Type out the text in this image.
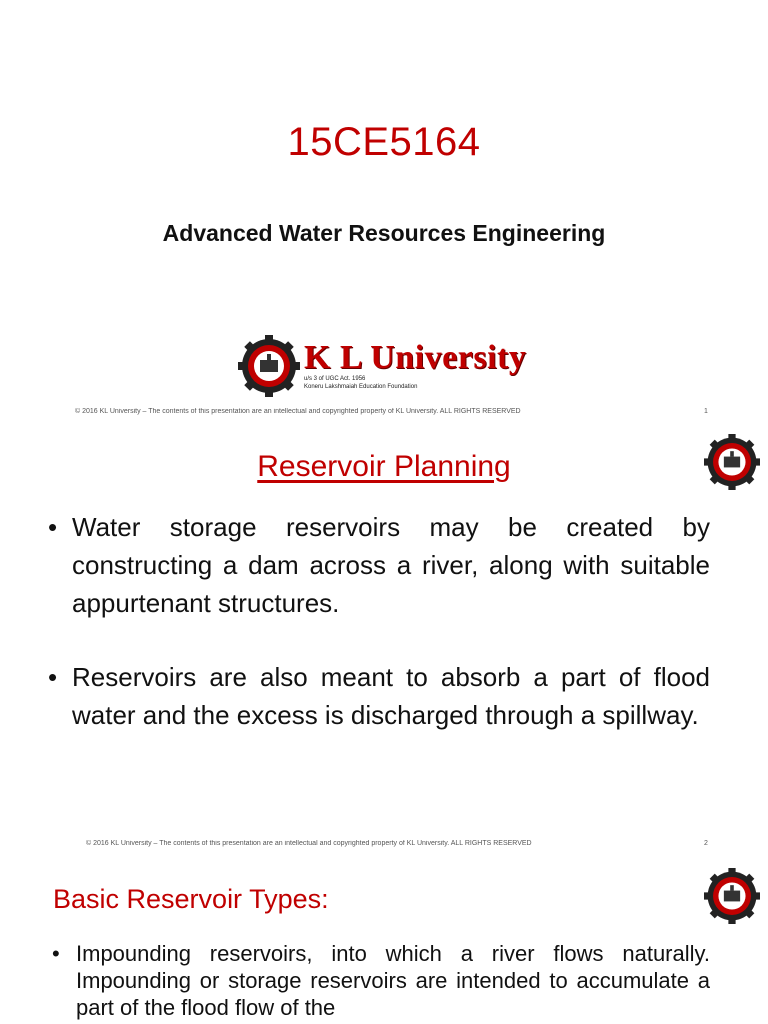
15CE5164
Advanced Water Resources Engineering
K L University
u/s 3 of UGC Act. 1956
Koneru Lakshmaiah Education Foundation
© 2016 KL University – The contents of this presentation are an intellectual and copyrighted property of KL University. ALL RIGHTS RESERVED	1
Reservoir Planning
• Water storage reservoirs may be created by constructing a dam across a river, along with suitable appurtenant structures.
• Reservoirs are also meant to absorb a part of flood water and the excess is discharged through a spillway.
© 2016 KL University – The contents of this presentation are an intellectual and copyrighted property of KL University. ALL RIGHTS RESERVED	2
Basic Reservoir Types:
• Impounding reservoirs, into which a river flows naturally. Impounding or storage reservoirs are intended to accumulate a part of the flood flow of the
